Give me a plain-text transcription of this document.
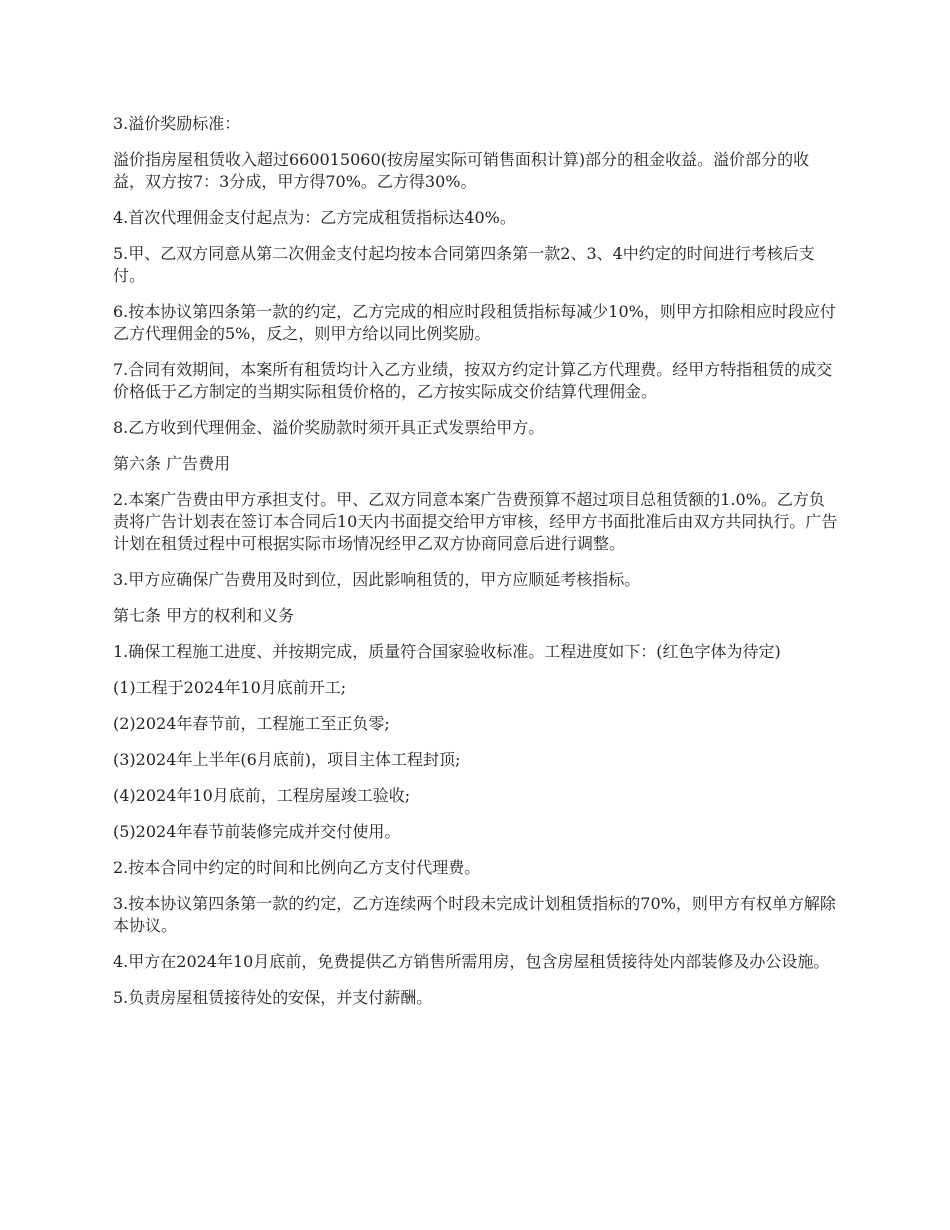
3.溢价奖励标准：

溢价指房屋租赁收入超过660015060(按房屋实际可销售面积计算)部分的租金收益。溢价部分的收益，双方按7：3分成，甲方得70%。乙方得30%。

4.首次代理佣金支付起点为：乙方完成租赁指标达40%。

5.甲、乙双方同意从第二次佣金支付起均按本合同第四条第一款2、3、4中约定的时间进行考核后支付。

6.按本协议第四条第一款的约定，乙方完成的相应时段租赁指标每减少10%，则甲方扣除相应时段应付乙方代理佣金的5%，反之，则甲方给以同比例奖励。

7.合同有效期间，本案所有租赁均计入乙方业绩，按双方约定计算乙方代理费。经甲方特指租赁的成交价格低于乙方制定的当期实际租赁价格的，乙方按实际成交价结算代理佣金。

8.乙方收到代理佣金、溢价奖励款时须开具正式发票给甲方。

第六条 广告费用

2.本案广告费由甲方承担支付。甲、乙双方同意本案广告费预算不超过项目总租赁额的1.0%。乙方负责将广告计划表在签订本合同后10天内书面提交给甲方审核，经甲方书面批准后由双方共同执行。广告计划在租赁过程中可根据实际市场情况经甲乙双方协商同意后进行调整。

3.甲方应确保广告费用及时到位，因此影响租赁的，甲方应顺延考核指标。

第七条 甲方的权利和义务

1.确保工程施工进度、并按期完成，质量符合国家验收标准。工程进度如下：(红色字体为待定)

(1)工程于2024年10月底前开工;

(2)2024年春节前，工程施工至正负零;

(3)2024年上半年(6月底前)，项目主体工程封顶;

(4)2024年10月底前，工程房屋竣工验收;

(5)2024年春节前装修完成并交付使用。

2.按本合同中约定的时间和比例向乙方支付代理费。

3.按本协议第四条第一款的约定，乙方连续两个时段未完成计划租赁指标的70%，则甲方有权单方解除本协议。

4.甲方在2024年10月底前，免费提供乙方销售所需用房，包含房屋租赁接待处内部装修及办公设施。

5.负责房屋租赁接待处的安保，并支付薪酬。
